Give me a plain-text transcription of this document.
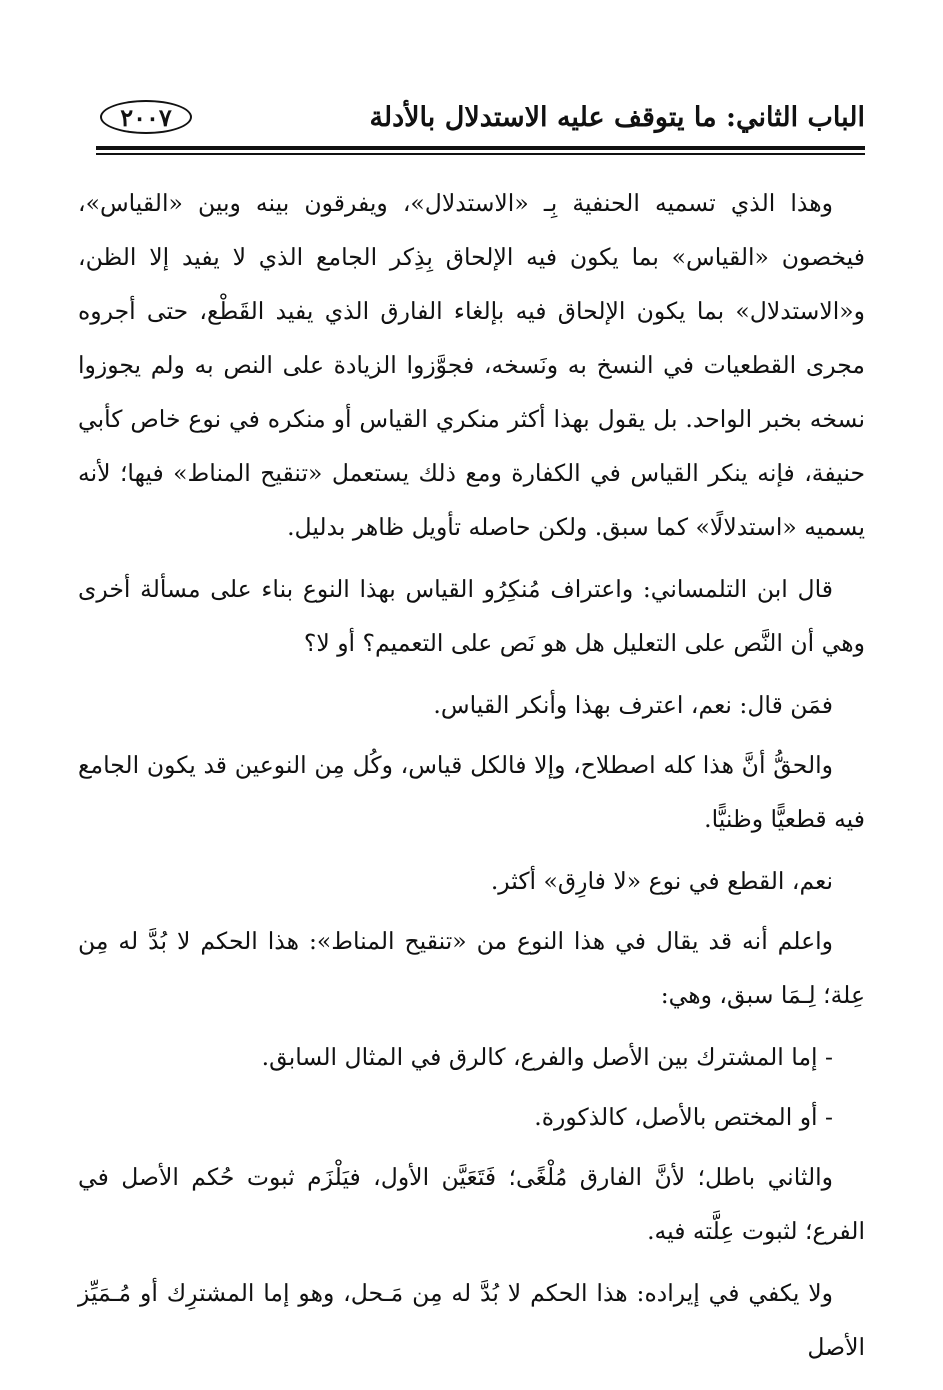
الباب الثاني: ما يتوقف عليه الاستدلال بالأدلة
٢٠٠٧

وهذا الذي تسميه الحنفية بِـ «الاستدلال»، ويفرقون بينه وبين «القياس»، فيخصون «القياس» بما يكون فيه الإلحاق بِذِكر الجامع الذي لا يفيد إلا الظن، و«الاستدلال» بما يكون الإلحاق فيه بإلغاء الفارق الذي يفيد القَطْع، حتى أجروه مجرى القطعيات في النسخ به ونَسخه، فجوَّزوا الزيادة على النص به ولم يجوزوا نسخه بخبر الواحد. بل يقول بهذا أكثر منكري القياس أو منكره في نوع خاص كأبي حنيفة، فإنه ينكر القياس في الكفارة ومع ذلك يستعمل «تنقيح المناط» فيها؛ لأنه يسميه «استدلالًا» كما سبق. ولكن حاصله تأويل ظاهر بدليل.

قال ابن التلمساني: واعتراف مُنكِرُو القياس بهذا النوع بناء على مسألة أخرى وهي أن النَّص على التعليل هل هو نَص على التعميم؟ أو لا؟

فمَن قال: نعم، اعترف بهذا وأنكر القياس.

والحقُّ أنَّ هذا كله اصطلاح، وإلا فالكل قياس، وكُل مِن النوعين قد يكون الجامع فيه قطعيًّا وظنيًّا.

نعم، القطع في نوع «لا فارِق» أكثر.

واعلم أنه قد يقال في هذا النوع من «تنقيح المناط»: هذا الحكم لا بُدَّ له مِن عِلة؛ لِـمَا سبق، وهي:

- إما المشترك بين الأصل والفرع، كالرق في المثال السابق.

- أو المختص بالأصل، كالذكورة.

والثاني باطل؛ لأنَّ الفارق مُلْغًى؛ فَتَعَيَّن الأول، فيَلْزَم ثبوت حُكم الأصل في الفرع؛ لثبوت عِلَّته فيه.

ولا يكفي في إيراده: هذا الحكم لا بُدَّ له مِن مَـحل، وهو إما المشترِك أو مُـمَيِّز الأصل
